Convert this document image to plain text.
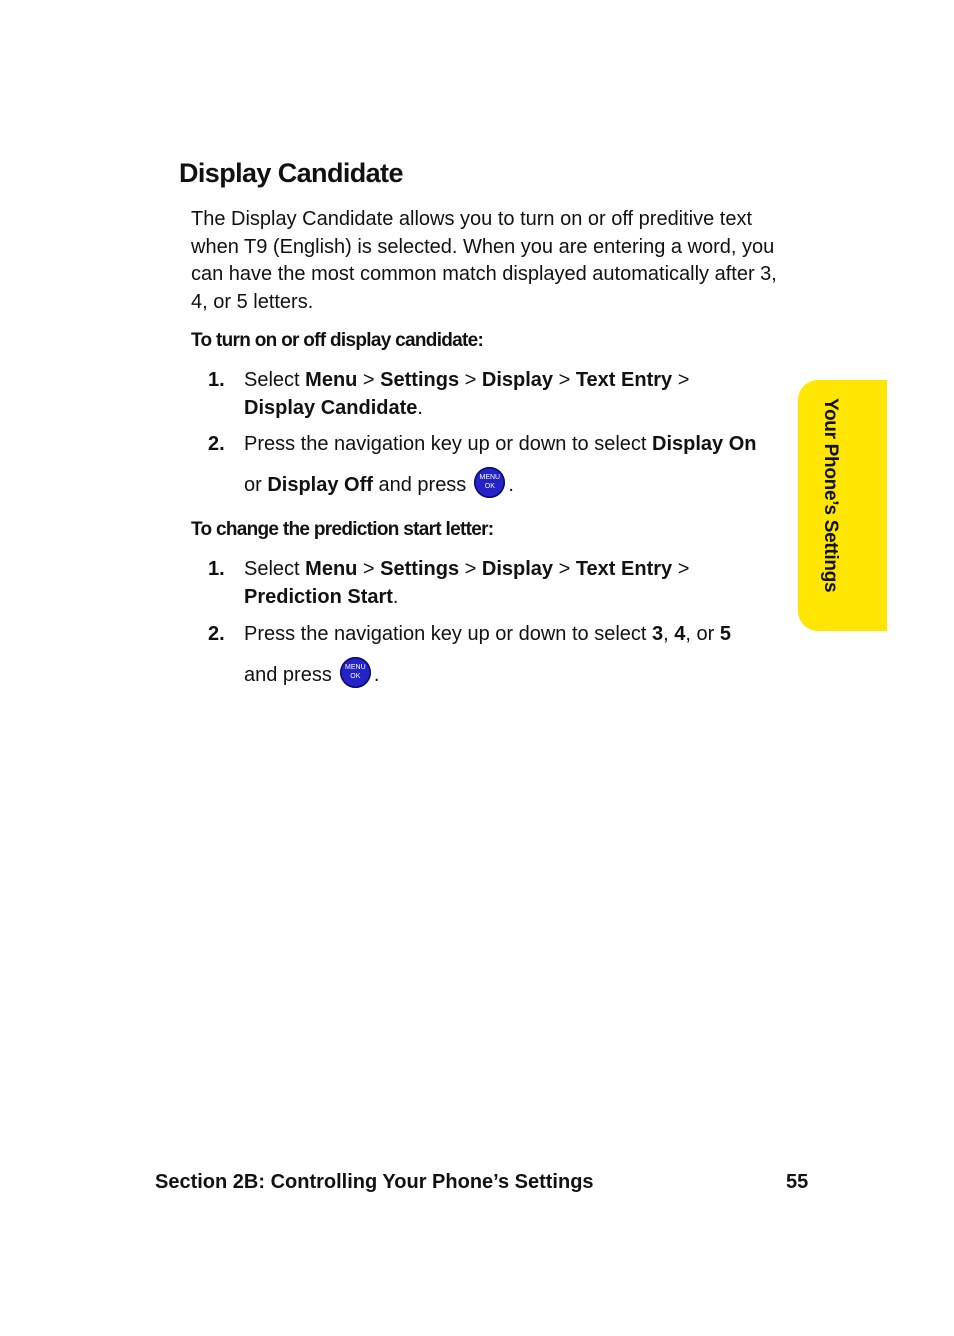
Display Candidate
The Display Candidate allows you to turn on or off preditive text when T9 (English) is selected. When you are entering a word, you can have the most common match displayed automatically after 3, 4, or 5 letters.
To turn on or off display candidate:
1. Select Menu > Settings > Display > Text Entry >
Display Candidate.
2. Press the navigation key up or down to select Display On
or Display Off and press	MENU
OK .
To change the prediction start letter:
1. Select Menu > Settings > Display > Text Entry >
Prediction Start.
2. Press the navigation key up or down to select 3, 4, or 5
and press	MENU
OK .
Your Phone’s Settings
Section 2B: Controlling Your Phone’s Settings	55
